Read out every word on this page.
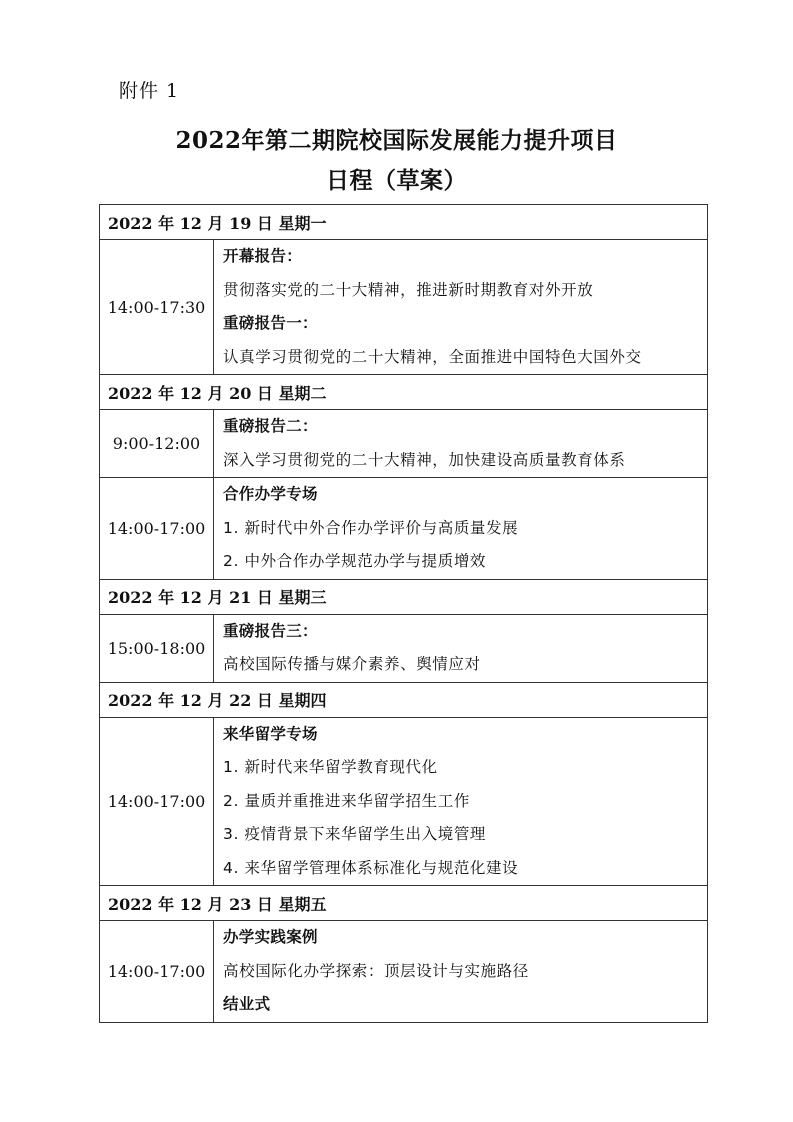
附件 1
2022年第二期院校国际发展能力提升项目
日程（草案）
2022 年 12 月 19 日 星期一	
14:00-17:30	开幕报告：
贯彻落实党的二十大精神，推进新时期教育对外开放
重磅报告一：
认真学习贯彻党的二十大精神，全面推进中国特色大国外交

2022 年 12 月 20 日 星期二	
9:00-12:00	重磅报告二：
深入学习贯彻党的二十大精神，加快建设高质量教育体系

14:00-17:00	合作办学专场
1. 新时代中外合作办学评价与高质量发展
2. 中外合作办学规范办学与提质增效

2022 年 12 月 21 日 星期三	
15:00-18:00	重磅报告三：
高校国际传播与媒介素养、舆情应对

2022 年 12 月 22 日 星期四	
14:00-17:00	来华留学专场
1. 新时代来华留学教育现代化
2. 量质并重推进来华留学招生工作
3. 疫情背景下来华留学生出入境管理
4. 来华留学管理体系标准化与规范化建设

2022 年 12 月 23 日 星期五	
14:00-17:00	办学实践案例
高校国际化办学探索：顶层设计与实施路径
结业式
